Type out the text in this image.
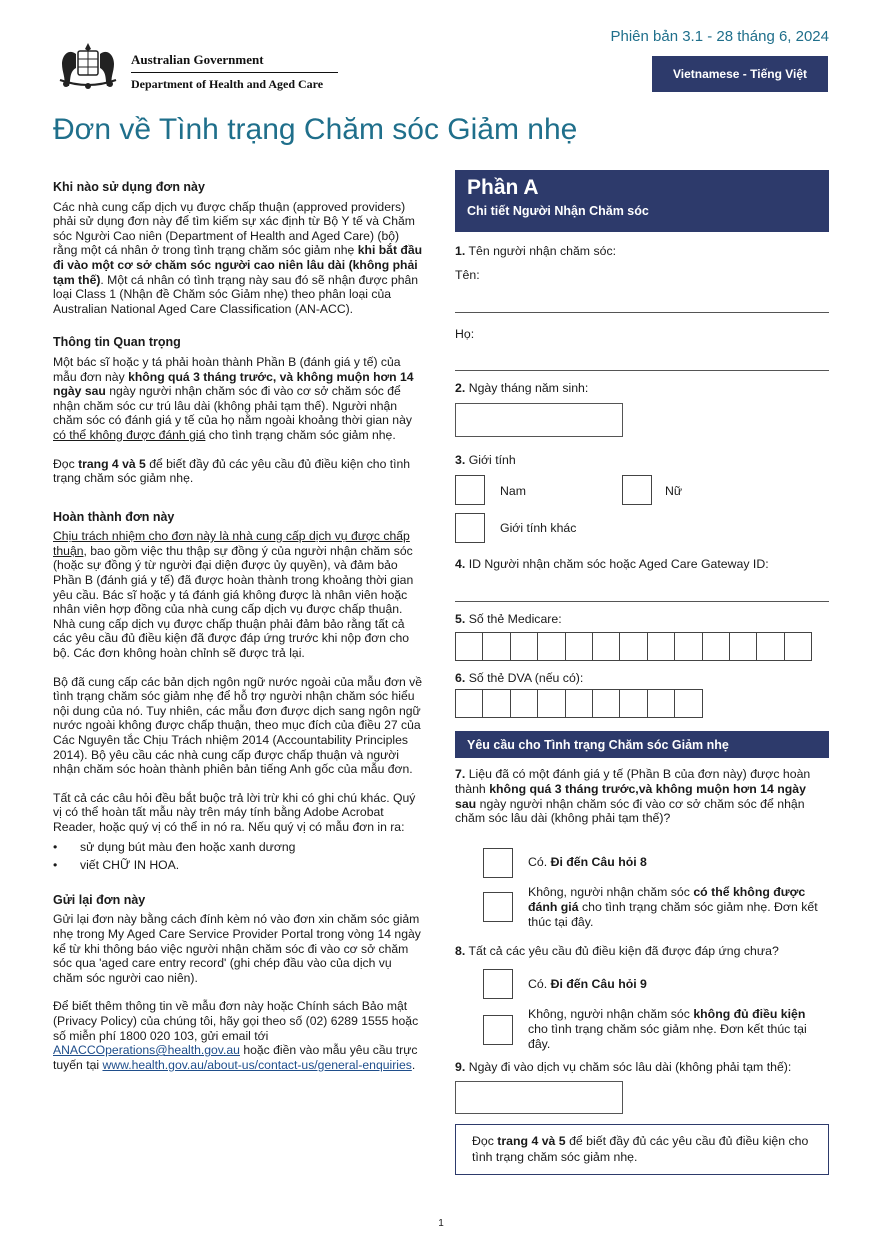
Australian Government
Department of Health and Aged Care
Phiên bản 3.1 - 28 tháng 6, 2024
Vietnamese - Tiếng Việt
Đơn về Tình trạng Chăm sóc Giảm nhẹ
Khi nào sử dụng đơn này

Các nhà cung cấp dịch vụ được chấp thuận (approved providers) phải sử dụng đơn này để tìm kiếm sự xác định từ Bộ Y tế và Chăm sóc Người Cao niên (Department of Health and Aged Care) (bộ) rằng một cá nhân ở trong tình trạng chăm sóc giảm nhẹ khi bắt đầu đi vào một cơ sở chăm sóc người cao niên lâu dài (không phải tạm thế). Một cá nhân có tình trạng này sau đó sẽ nhận được phân loại Class 1 (Nhận đề Chăm sóc Giảm nhẹ) theo phân loại của Australian National Aged Care Classification (AN-ACC).

Thông tin Quan trọng

Một bác sĩ hoặc y tá phải hoàn thành Phần B (đánh giá y tế) của mẫu đơn này không quá 3 tháng trước, và không muộn hơn 14 ngày sau ngày người nhận chăm sóc đi vào cơ sở chăm sóc để nhận chăm sóc cư trú lâu dài (không phải tạm thế). Người nhận chăm sóc có đánh giá y tế của họ nằm ngoài khoảng thời gian này có thể không được đánh giá cho tình trạng chăm sóc giảm nhẹ.

Đọc trang 4 và 5 để biết đầy đủ các yêu cầu đủ điều kiện cho tình trạng chăm sóc giảm nhẹ.

Hoàn thành đơn này

Chịu trách nhiệm cho đơn này là nhà cung cấp dịch vụ được chấp thuận, bao gồm việc thu thập sự đồng ý của người nhận chăm sóc (hoặc sự đồng ý từ người đại diện được ủy quyền), và đảm bảo Phần B (đánh giá y tế) đã được hoàn thành trong khoảng thời gian yêu cầu. Bác sĩ hoặc y tá đánh giá không được là nhân viên hoặc nhân viên hợp đồng của nhà cung cấp dịch vụ được chấp thuận. Nhà cung cấp dịch vụ được chấp thuận phải đảm bảo rằng tất cả các yêu cầu đủ điều kiện đã được đáp ứng trước khi nộp đơn cho bộ. Các đơn không hoàn chỉnh sẽ được trả lại.

Bộ đã cung cấp các bản dịch ngôn ngữ nước ngoài của mẫu đơn về tình trạng chăm sóc giảm nhẹ để hỗ trợ người nhận chăm sóc hiểu nội dung của nó. Tuy nhiên, các mẫu đơn được dịch sang ngôn ngữ nước ngoài không được chấp thuận, theo mục đích của điều 27 của Các Nguyên tắc Chịu Trách nhiệm 2014 (Accountability Principles 2014). Bộ yêu cầu các nhà cung cấp được chấp thuận và người nhận chăm sóc hoàn thành phiên bản tiếng Anh gốc của mẫu đơn.

Tất cả các câu hỏi đều bắt buộc trả lời trừ khi có ghi chú khác. Quý vị có thể hoàn tất mẫu này trên máy tính bằng Adobe Acrobat Reader, hoặc quý vị có thể in nó ra. Nếu quý vị có mẫu đơn in ra:

• sử dụng bút màu đen hoặc xanh dương
• viết CHỮ IN HOA.
Gửi lại đơn này

Gửi lại đơn này bằng cách đính kèm nó vào đơn xin chăm sóc giảm nhẹ trong My Aged Care Service Provider Portal trong vòng 14 ngày kể từ khi thông báo việc người nhận chăm sóc đi vào cơ sở chăm sóc qua 'aged care entry record' (ghi chép đầu vào của dịch vụ chăm sóc người cao niên).

Để biết thêm thông tin về mẫu đơn này hoặc Chính sách Bảo mật (Privacy Policy) của chúng tôi, hãy gọi theo số (02) 6289 1555 hoặc số miễn phí 1800 020 103, gửi email tới ANACCOperations@health.gov.au hoặc điền vào mẫu yêu cầu trực tuyến tại www.health.gov.au/about-us/contact-us/general-enquiries.

Phần A
Chi tiết Người Nhận Chăm sóc
1. Tên người nhận chăm sóc:
Tên:
Họ:
2. Ngày tháng năm sinh:
3. Giới tính
Nam	Nữ
Giới tính khác
4. ID Người nhận chăm sóc hoặc Aged Care Gateway ID:
5. Số thẻ Medicare:
6. Số thẻ DVA (nếu có):
Yêu cầu cho Tình trạng Chăm sóc Giảm nhẹ
7. Liệu đã có một đánh giá y tế (Phần B của đơn này) được hoàn thành không quá 3 tháng trước,và không muộn hơn 14 ngày sau ngày người nhận chăm sóc đi vào cơ sở chăm sóc để nhận chăm sóc lâu dài (không phải tạm thế)?
Có. Đi đến Câu hỏi 8
Không, người nhận chăm sóc có thể không được đánh giá cho tình trạng chăm sóc giảm nhẹ. Đơn kết thúc tại đây.
8. Tất cả các yêu cầu đủ điều kiện đã được đáp ứng chưa?
Có. Đi đến Câu hỏi 9
Không, người nhận chăm sóc không đủ điều kiện cho tình trạng chăm sóc giảm nhẹ. Đơn kết thúc tại đây.
9. Ngày đi vào dịch vụ chăm sóc lâu dài (không phải tạm thế):
Đọc trang 4 và 5 để biết đầy đủ các yêu cầu đủ điều kiện cho tình trạng chăm sóc giảm nhẹ.
1
